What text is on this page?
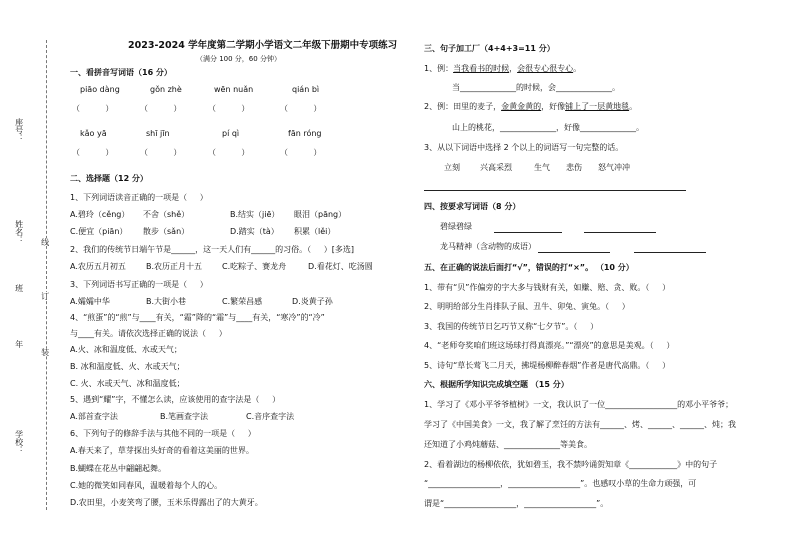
座号：
姓名： 线
班
订
年
装
学校：
2023-2024 学年度第二学期小学语文二年级下册期中专项练习
（满分 100 分，60 分钟）
一、看拼音写词语（16 分）
piāo dàng	gǒn zhè	wēn nuǎn	qián bì
（          ）	（          ）	（          ）	（          ）
kǎo yā	shī jīn	pí qì	fān róng
（          ）	（          ）	（          ）	（          ）
二、选择题（12 分）
1、下列词语读音正确的一项是（     ）
A.碧玲（cěng） 不舍（shě）	B.结实（jiē） 眼泪（pāng）
C.便宜（piān） 散步（sǎn）	D.踏实（tà） 积累（lěi）
2、我们的传统节日端午节是______，这一天人们有______的习俗。（     ）[多选]
A.农历五月初五	B.农历正月十五 C.吃粽子、赛龙舟	D.看花灯、吃汤圆
3、下列词语书写正确的一项是（     ）
A.孀孀中华	B.大街小巷	C.繁荣昌感	D.炎黄子孙
4、“煎蛋”的“煎”与____有关，“霜”降的“霜”与____有关，“寒冷”的“冷”
与____有关。请依次选择正确的说法（     ）
A.火、冰和温度低、水或天气；
B. 冰和温度低、火、水或天气；
C. 火、水或天气、冰和温度低；
5、遇到“耀”字，不懂怎么读，应该使用的查字法是（     ）
A.部首查字法	B.笔画查字法	C.音序查字法
6、下列句子的修辞手法与其他不同的一项是（     ）
A.春天来了，草芽探出头好奇的看着这美丽的世界。
B.蝴蝶在花丛中翩翩起舞。
C.她的微笑如同春风，温暖着每个人的心。
D.农田里，小麦笑弯了腰，玉米乐得露出了的大黄牙。
三、句子加工厂（4+4+3=11 分）
1、例：当我看书的时候，会很专心很专心。
当______________的时候，会______________。
2、例：田里的麦子，金黄金黄的，好像铺上了一层黄地毯。
山上的桃花，______________，好像______________。
3、从以下词语中选择 2 个以上的词语写一句完整的话。
立刻	兴高采烈	生气 悲伤 怒气冲冲
四、按要求写词语（8 分）
碧绿碧绿
龙马精神（含动物的成语）
五、在正确的说法后面打“√”，错误的打“×”。 （10 分）
1、带有“贝”作偏旁的字大多与钱财有关，如赚、赔、贪、败。（     ）
2、明明给部分生肖排队子鼠、丑牛、卯兔、寅兔。（     ）
3、我国的传统节日乞巧节又称“七夕节”。（     ）
4、“老师夸奖咱们班这场球打得真漂亮。”“漂亮”的意思是美观。（     ）
5、诗句“草长莺飞二月天，拂堤杨柳醉春烟”作者是唐代高鼎。（     ）
六、根据所学知识完成填空题 （15 分）
1、学习了《邓小平爷爷植树》一文，我认识了一位__________________的邓小平爷爷；
学习了《中国美食》一文，我了解了烹饪的方法有______、烤、______、______、炖；我
还知道了小鸡炖蘑菇、______________等美食。
2、看着湖边的杨柳依依，犹如碧玉，我不禁吟诵贺知章《____________》中的句子
“__________________，__________________”。也感叹小草的生命力顽强，可
谓是“__________________，__________________”。
